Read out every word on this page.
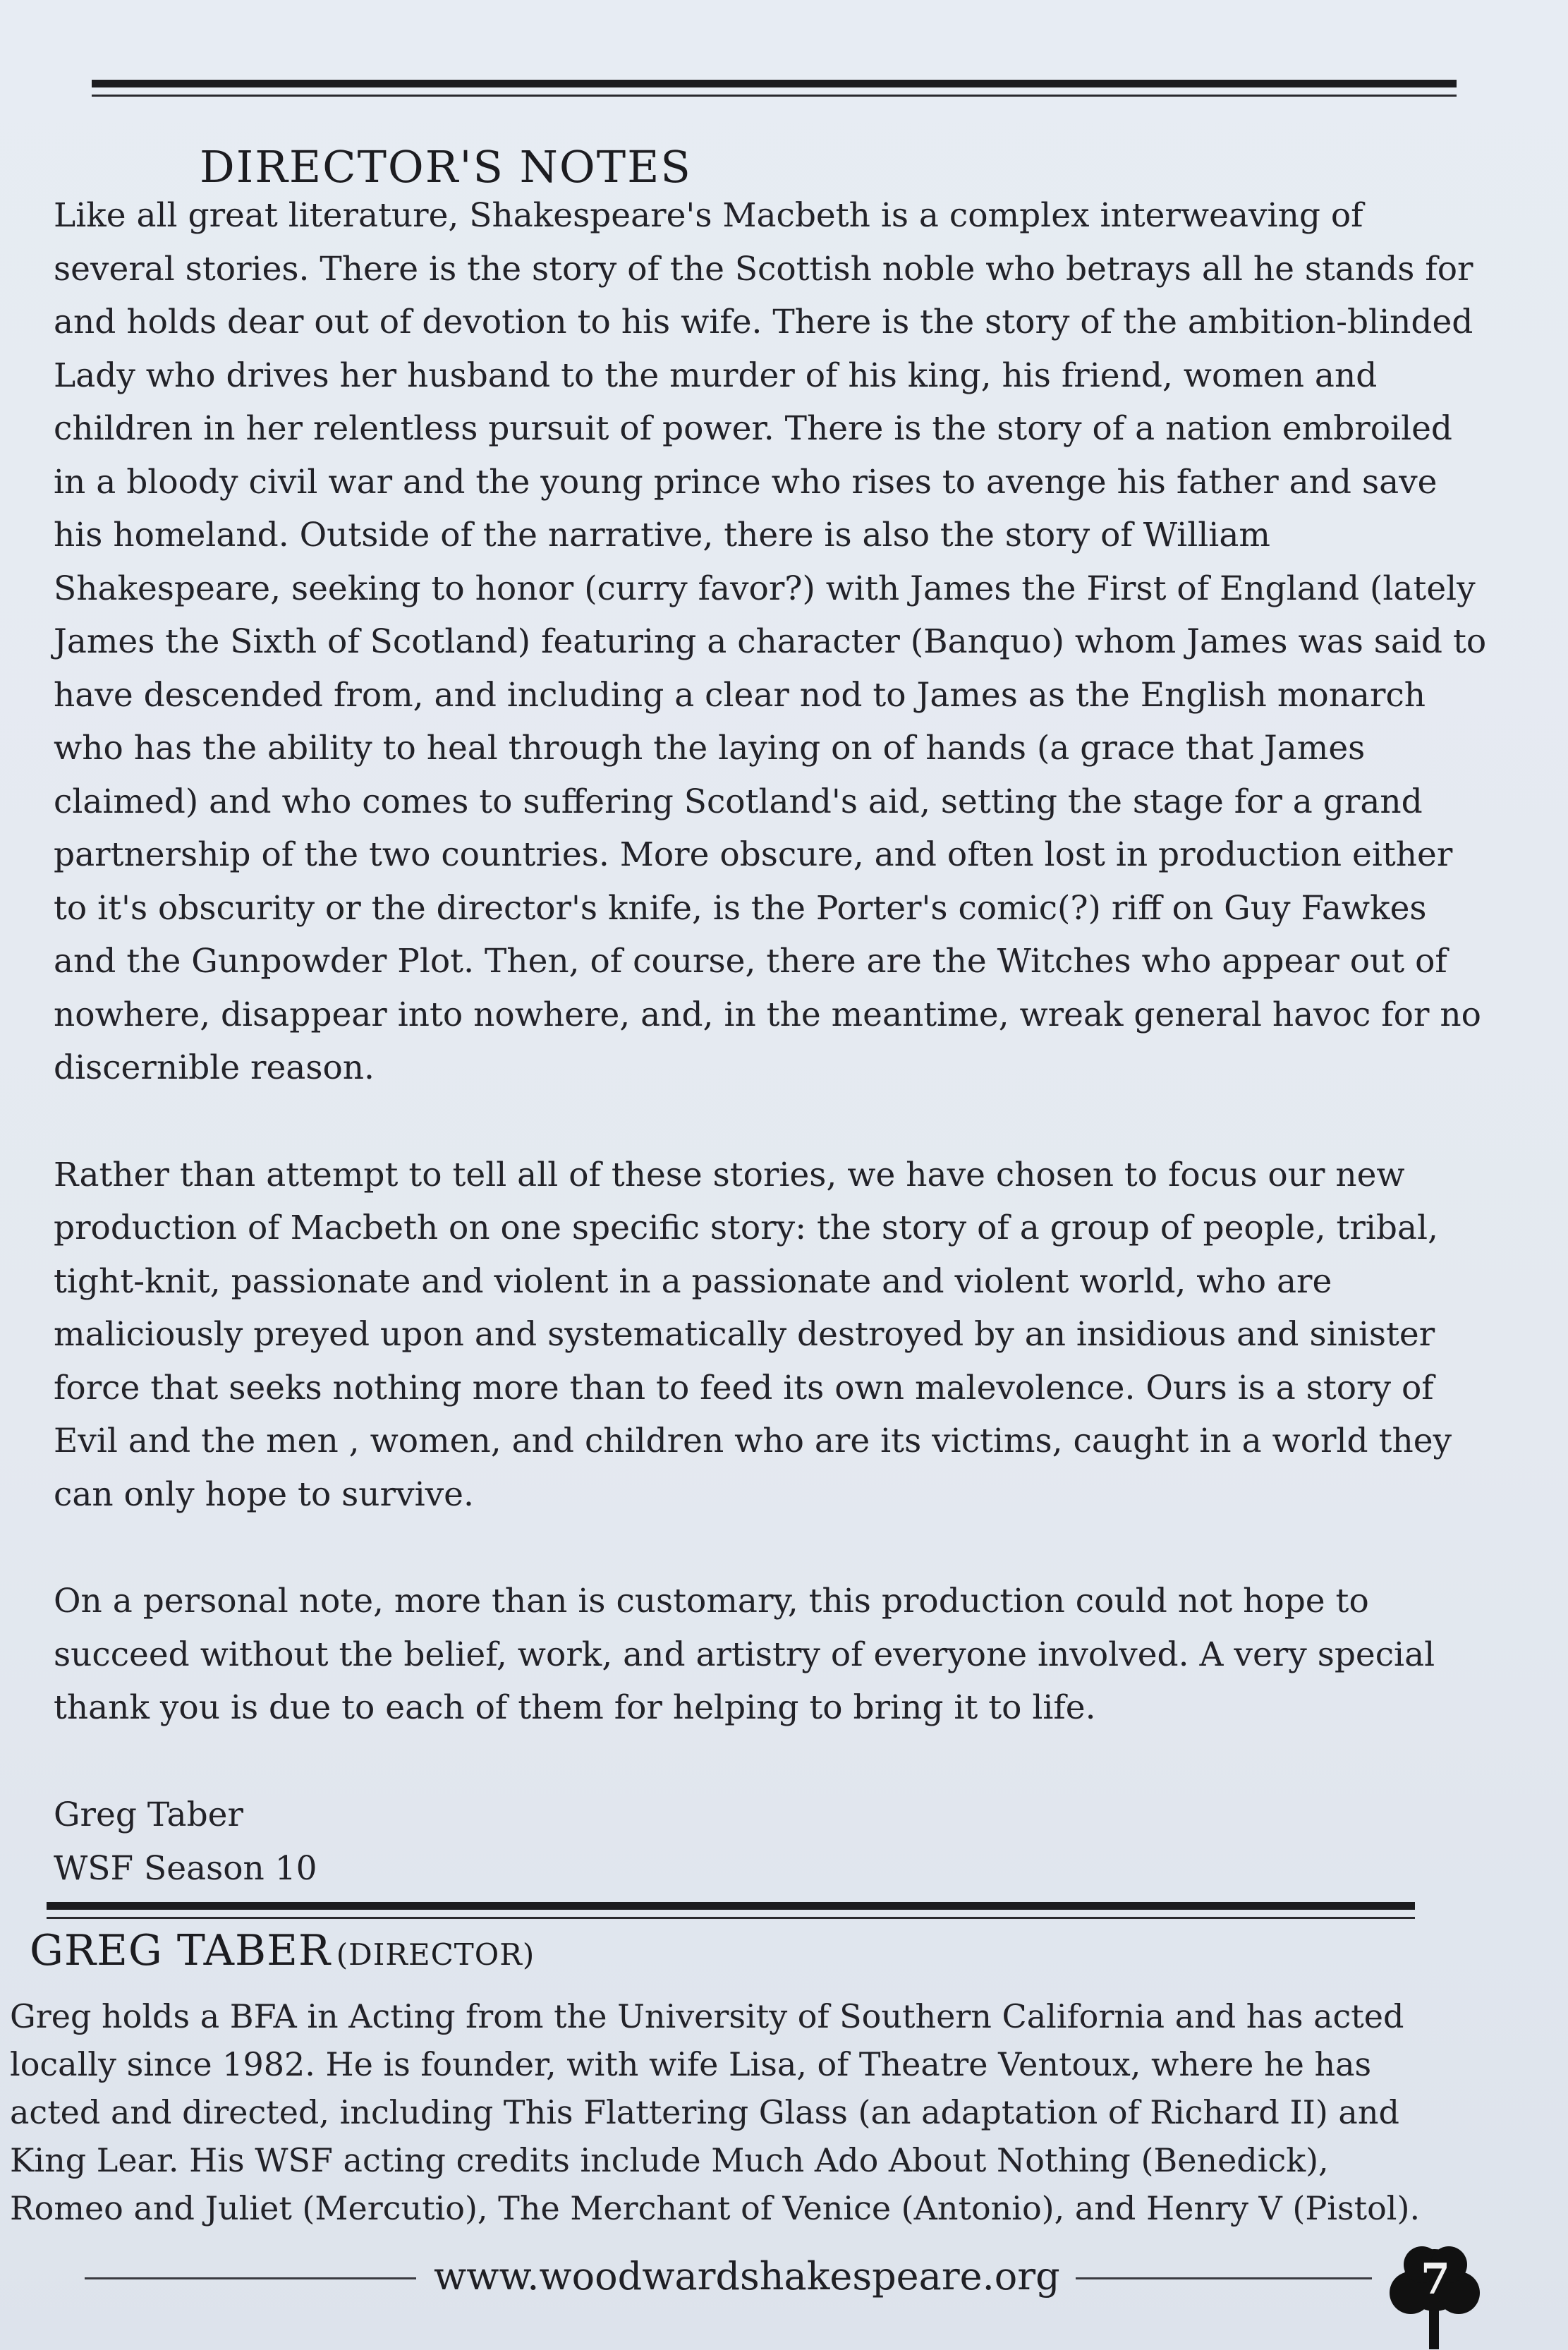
DIRECTOR'S NOTES

Like all great literature, Shakespeare's Macbeth is a complex interweaving of several stories. There is the story of the Scottish noble who betrays all he stands for and holds dear out of devotion to his wife. There is the story of the ambition-blinded Lady who drives her husband to the murder of his king, his friend, women and children in her relentless pursuit of power. There is the story of a nation embroiled in a bloody civil war and the young prince who rises to avenge his father and save his homeland. Outside of the narrative, there is also the story of William Shakespeare, seeking to honor (curry favor?) with James the First of England (lately James the Sixth of Scotland) featuring a character (Banquo) whom James was said to have descended from, and including a clear nod to James as the English monarch who has the ability to heal through the laying on of hands (a grace that James claimed) and who comes to suffering Scotland's aid, setting the stage for a grand partnership of the two countries. More obscure, and often lost in production either to it's obscurity or the director's knife, is the Porter's comic(?) riff on Guy Fawkes and the Gunpowder Plot. Then, of course, there are the Witches who appear out of nowhere, disappear into nowhere, and, in the meantime, wreak general havoc for no discernible reason.

Rather than attempt to tell all of these stories, we have chosen to focus our new production of Macbeth on one specific story: the story of a group of people, tribal, tight-knit, passionate and violent in a passionate and violent world, who are maliciously preyed upon and systematically destroyed by an insidious and sinister force that seeks nothing more than to feed its own malevolence. Ours is a story of Evil and the men , women, and children who are its victims, caught in a world they can only hope to survive.

On a personal note, more than is customary, this production could not hope to succeed without the belief, work, and artistry of everyone involved. A very special thank you is due to each of them for helping to bring it to life.

Greg Taber
WSF Season 10
GREG TABER (DIRECTOR)

Greg holds a BFA in Acting from the University of Southern California and has acted locally since 1982. He is founder, with wife Lisa, of Theatre Ventoux, where he has acted and directed, including This Flattering Glass (an adaptation of Richard II) and King Lear. His WSF acting credits include Much Ado About Nothing (Benedick), Romeo and Juliet (Mercutio), The Merchant of Venice (Antonio), and Henry V (Pistol).

www.woodwardshakespeare.org	7
